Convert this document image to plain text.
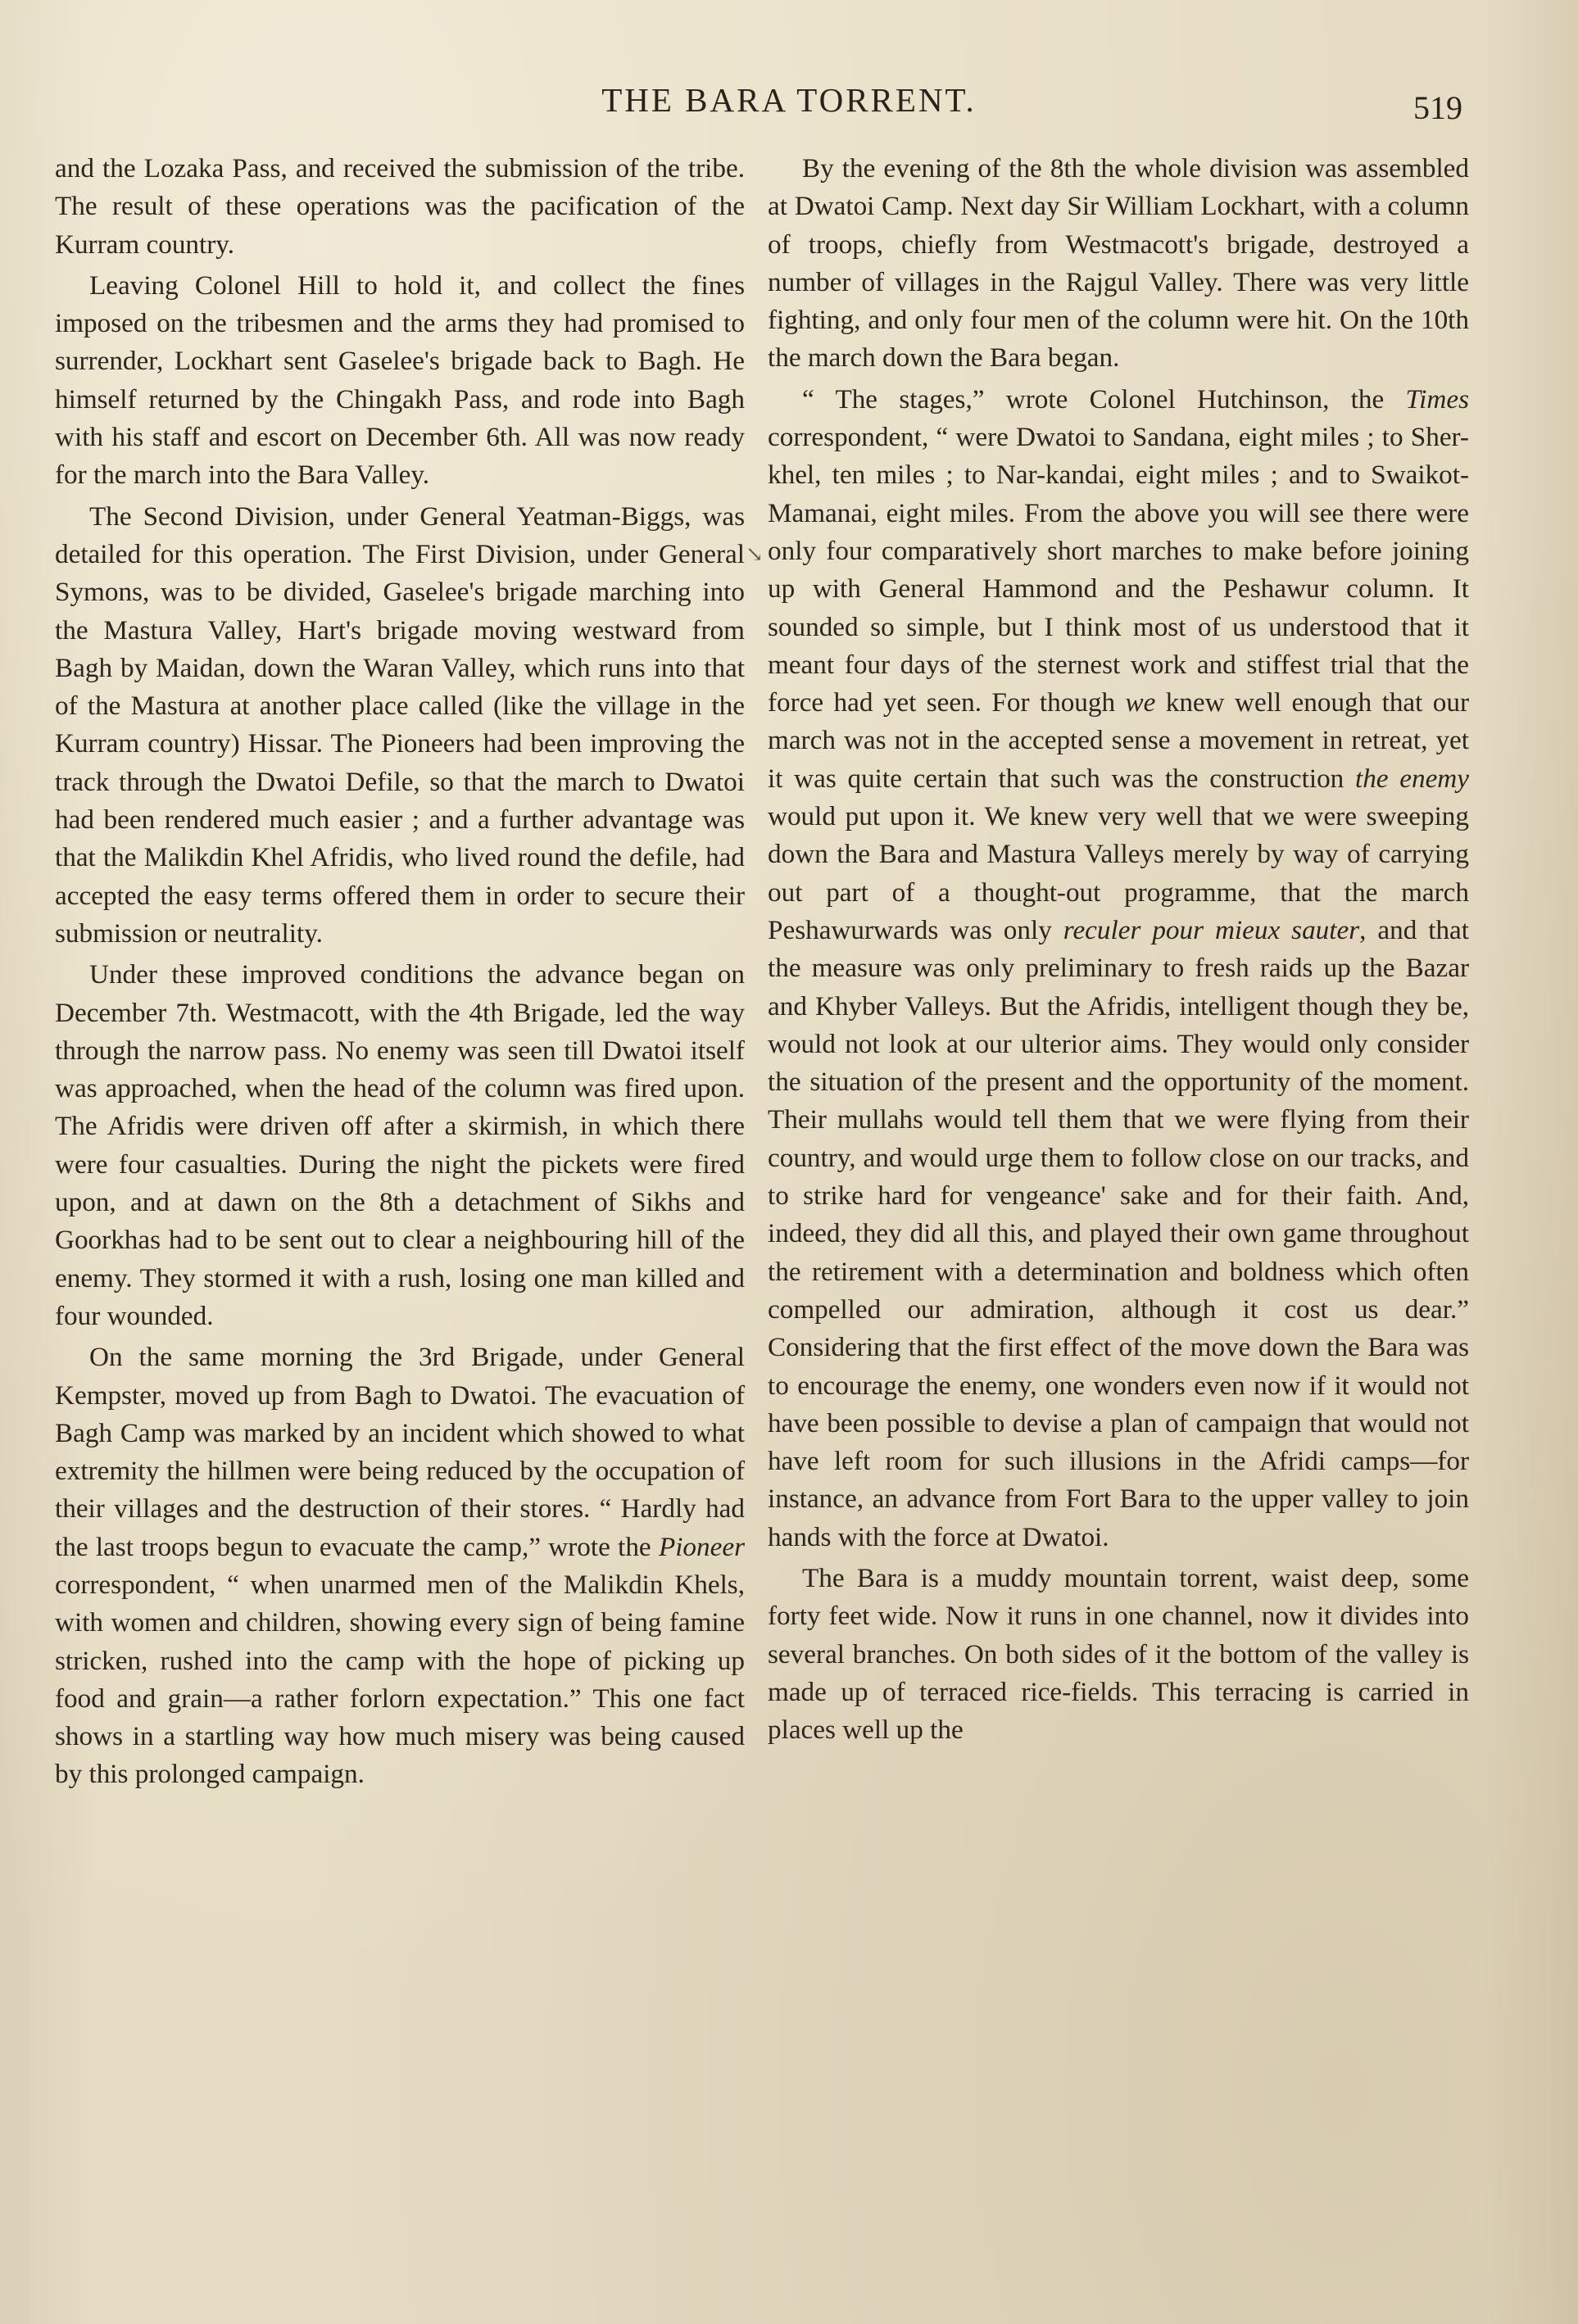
THE BARA TORRENT.	519

and the Lozaka Pass, and received the submission of the tribe. The result of these operations was the pacification of the Kurram country.

Leaving Colonel Hill to hold it, and collect the fines imposed on the tribesmen and the arms they had promised to surrender, Lockhart sent Gaselee's brigade back to Bagh. He himself returned by the Chingakh Pass, and rode into Bagh with his staff and escort on December 6th. All was now ready for the march into the Bara Valley.

The Second Division, under General Yeatman-Biggs, was detailed for this operation. The First Division, under General Symons, was to be divided, Gaselee's brigade marching into the Mastura Valley, Hart's brigade moving westward from Bagh by Maidan, down the Waran Valley, which runs into that of the Mastura at another place called (like the village in the Kurram country) Hissar. The Pioneers had been improving the track through the Dwatoi Defile, so that the march to Dwatoi had been rendered much easier ; and a further advantage was that the Malikdin Khel Afridis, who lived round the defile, had accepted the easy terms offered them in order to secure their submission or neutrality.

Under these improved conditions the advance began on December 7th. Westmacott, with the 4th Brigade, led the way through the narrow pass. No enemy was seen till Dwatoi itself was approached, when the head of the column was fired upon. The Afridis were driven off after a skirmish, in which there were four casualties. During the night the pickets were fired upon, and at dawn on the 8th a detachment of Sikhs and Goorkhas had to be sent out to clear a neighbouring hill of the enemy. They stormed it with a rush, losing one man killed and four wounded.

On the same morning the 3rd Brigade, under General Kempster, moved up from Bagh to Dwatoi. The evacuation of Bagh Camp was marked by an incident which showed to what extremity the hillmen were being reduced by the occupation of their villages and the destruction of their stores. “ Hardly had the last troops begun to evacuate the camp,” wrote the Pioneer correspondent, “ when unarmed men of the Malikdin Khels, with women and children, showing every sign of being famine stricken, rushed into the camp with the hope of picking up food and grain—a rather forlorn expectation.” This one fact shows in a startling way how much misery was being caused by this prolonged campaign.

By the evening of the 8th the whole division was assembled at Dwatoi Camp. Next day Sir William Lockhart, with a column of troops, chiefly from Westmacott's brigade, destroyed a number of villages in the Rajgul Valley. There was very little fighting, and only four men of the column were hit. On the 10th the march down the Bara began.

“ The stages,” wrote Colonel Hutchinson, the Times correspondent, “ were Dwatoi to Sandana, eight miles ; to Sher-khel, ten miles ; to Nar-kandai, eight miles ; and to Swaikot-Mamanai, eight miles. From the above you will see there were only four comparatively short marches to make before joining up with General Hammond and the Peshawur column. It sounded so simple, but I think most of us understood that it meant four days of the sternest work and stiffest trial that the force had yet seen. For though we knew well enough that our march was not in the accepted sense a movement in retreat, yet it was quite certain that such was the construction the enemy would put upon it. We knew very well that we were sweeping down the Bara and Mastura Valleys merely by way of carrying out part of a thought-out programme, that the march Peshawurwards was only reculer pour mieux sauter, and that the measure was only preliminary to fresh raids up the Bazar and Khyber Valleys. But the Afridis, intelligent though they be, would not look at our ulterior aims. They would only consider the situation of the present and the opportunity of the moment. Their mullahs would tell them that we were flying from their country, and would urge them to follow close on our tracks, and to strike hard for vengeance' sake and for their faith. And, indeed, they did all this, and played their own game throughout the retirement with a determination and boldness which often compelled our admiration, although it cost us dear.” Considering that the first effect of the move down the Bara was to encourage the enemy, one wonders even now if it would not have been possible to devise a plan of campaign that would not have left room for such illusions in the Afridi camps—for instance, an advance from Fort Bara to the upper valley to join hands with the force at Dwatoi.

The Bara is a muddy mountain torrent, waist deep, some forty feet wide. Now it runs in one channel, now it divides into several branches. On both sides of it the bottom of the valley is made up of terraced rice-fields. This terracing is carried in places well up the

↘
